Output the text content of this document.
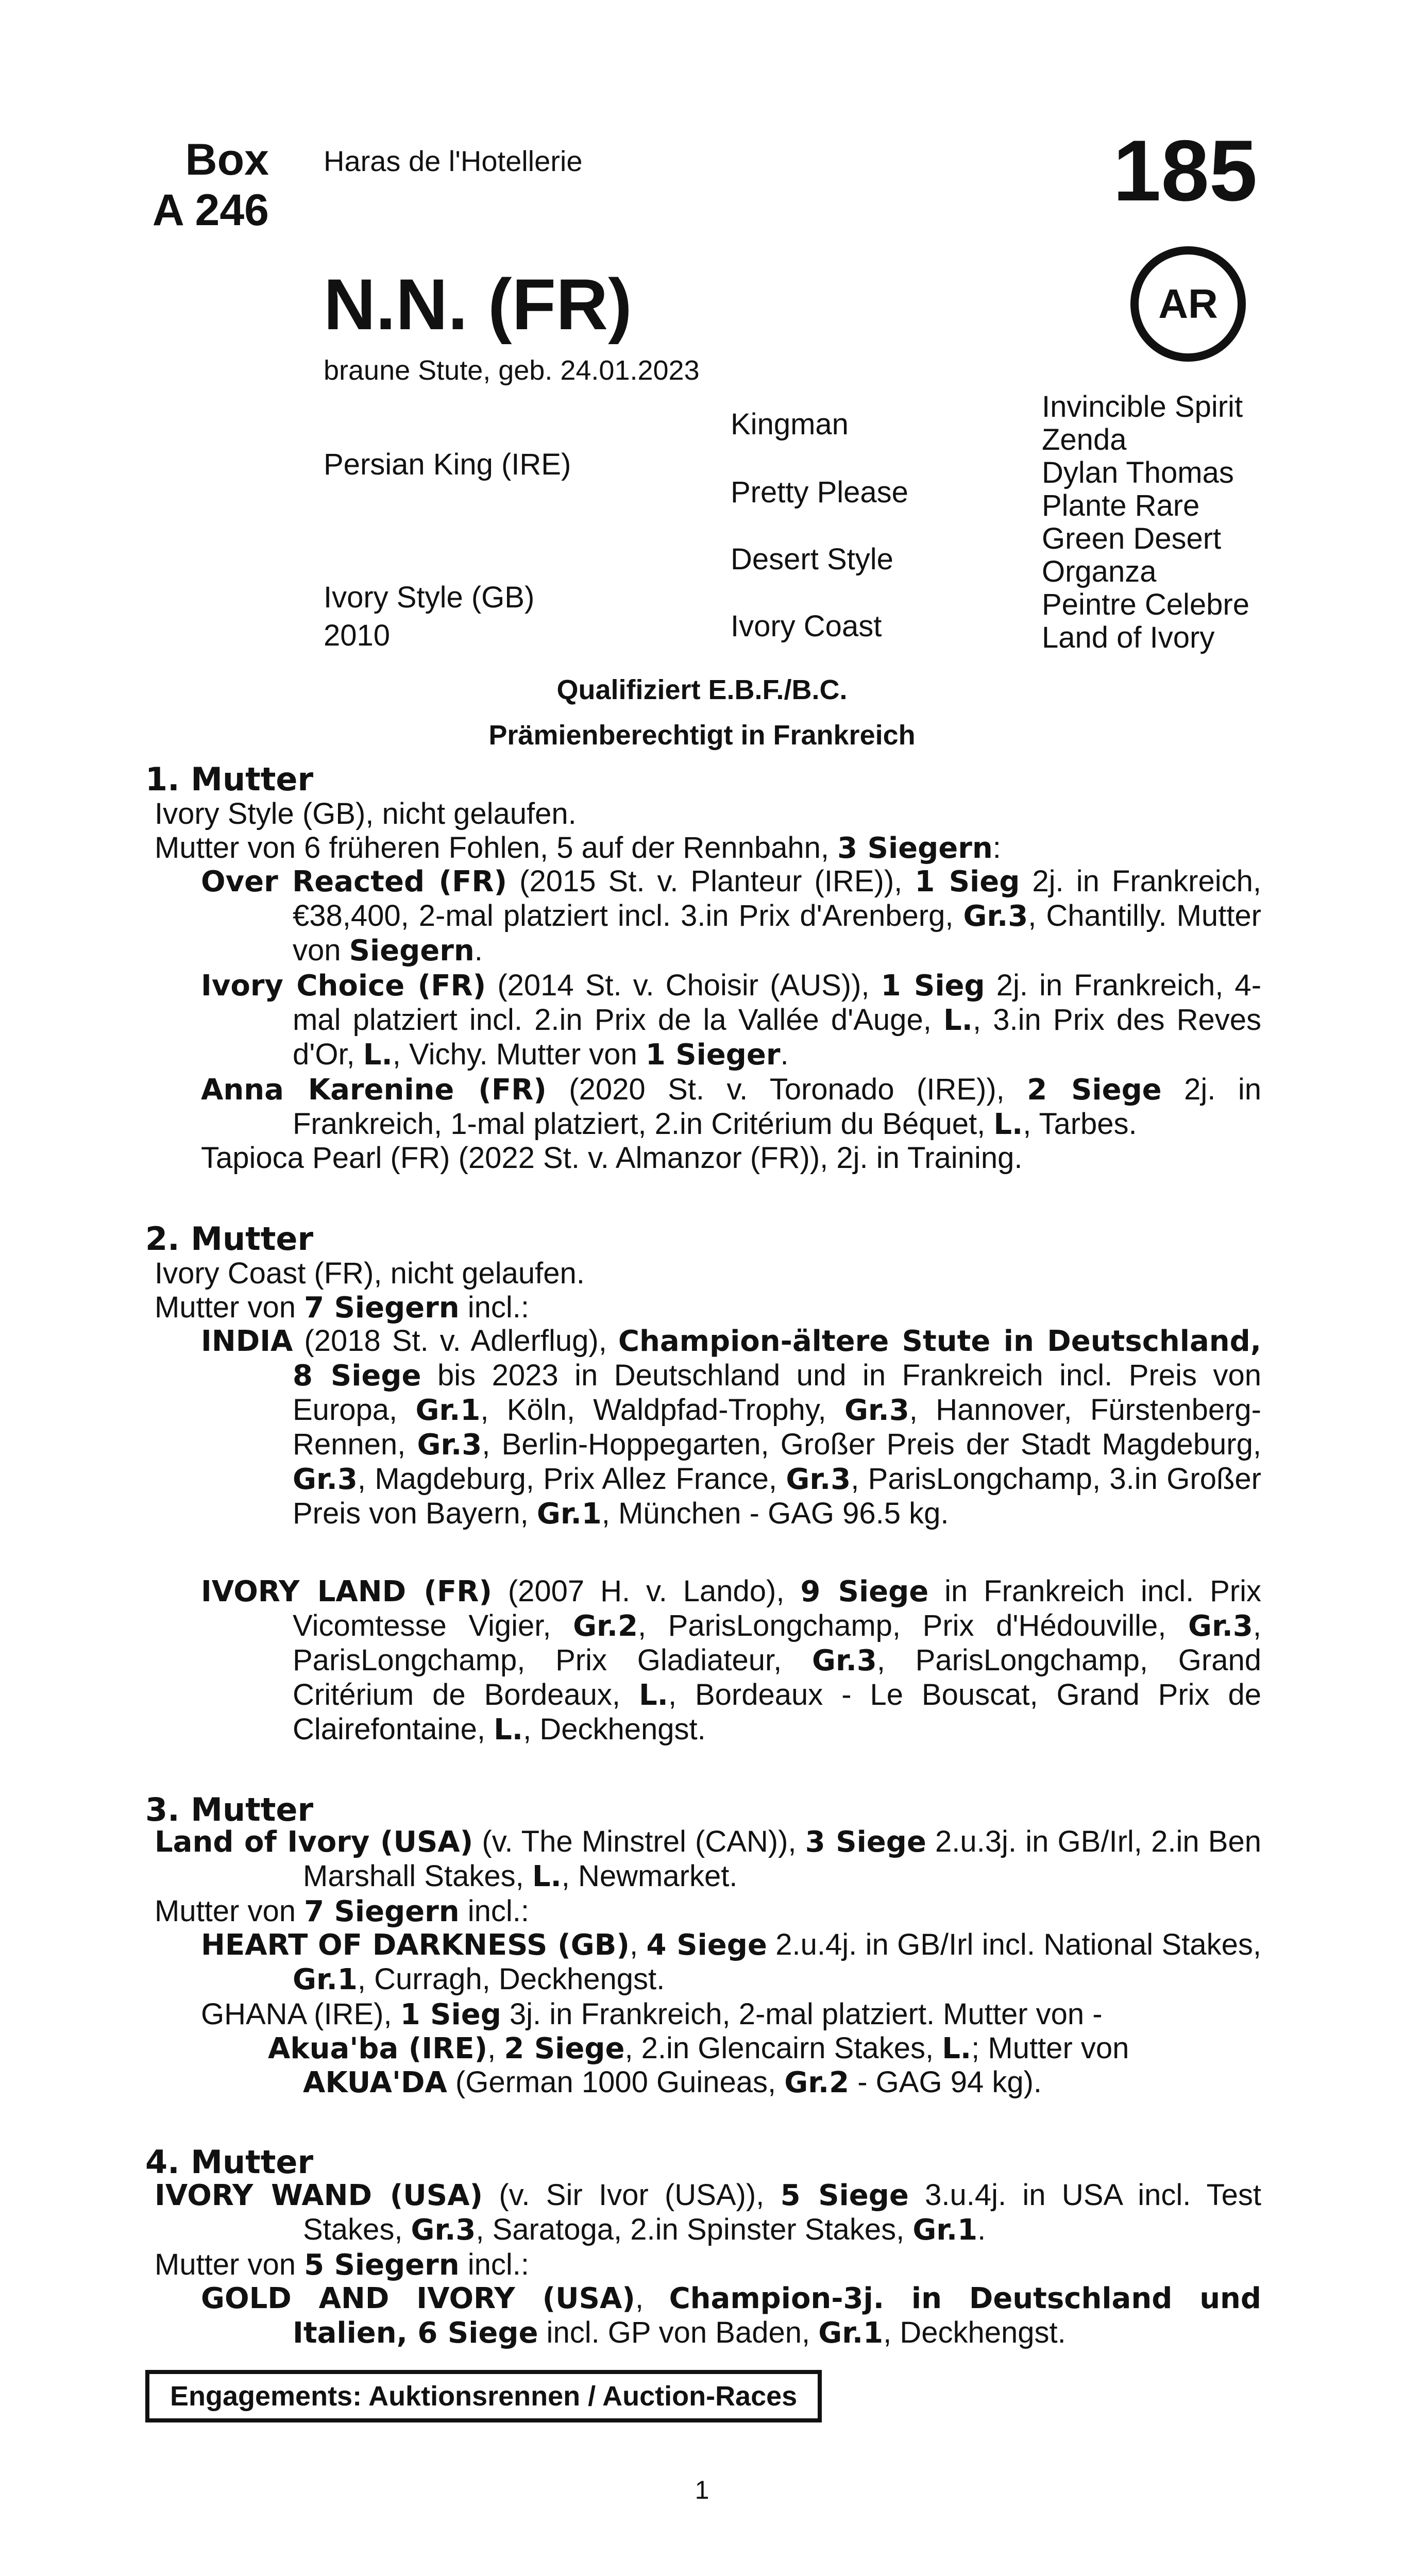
Box
A 246
Haras de l'Hotellerie	185
AR
N.N. (FR)
braune Stute, geb. 24.01.2023
Persian King (IRE)
Ivory Style (GB)
2010
Kingman
Pretty Please
Desert Style
Ivory Coast
Invincible Spirit
Zenda
Dylan Thomas
Plante Rare
Green Desert
Organza
Peintre Celebre
Land of Ivory
Qualifiziert E.B.F./B.C.
Prämienberechtigt in Frankreich
1. Mutter
Ivory Style (GB), nicht gelaufen.
Mutter von 6 früheren Fohlen, 5 auf der Rennbahn, 3 Siegern:
Over Reacted (FR) (2015 St. v. Planteur (IRE)), 1 Sieg 2j. in Frankreich, €38,400, 2-mal platziert incl. 3.in Prix d'Arenberg, Gr.3, Chantilly. Mutter von Siegern.
Ivory Choice (FR) (2014 St. v. Choisir (AUS)), 1 Sieg 2j. in Frankreich, 4-mal platziert incl. 2.in Prix de la Vallée d'Auge, L., 3.in Prix des Reves d'Or, L., Vichy. Mutter von 1 Sieger.
Anna Karenine (FR) (2020 St. v. Toronado (IRE)), 2 Siege 2j. in Frankreich, 1-mal platziert, 2.in Critérium du Béquet, L., Tarbes.
Tapioca Pearl (FR) (2022 St. v. Almanzor (FR)), 2j. in Training.
2. Mutter
Ivory Coast (FR), nicht gelaufen.
Mutter von 7 Siegern incl.:
INDIA (2018 St. v. Adlerflug), Champion-ältere Stute in Deutschland, 8 Siege bis 2023 in Deutschland und in Frankreich incl. Preis von Europa, Gr.1, Köln, Waldpfad-Trophy, Gr.3, Hannover, Fürstenberg-Rennen, Gr.3, Berlin-Hoppegarten, Großer Preis der Stadt Magdeburg, Gr.3, Magdeburg, Prix Allez France, Gr.3, ParisLongchamp, 3.in Großer Preis von Bayern, Gr.1, München - GAG 96.5 kg.
IVORY LAND (FR) (2007 H. v. Lando), 9 Siege in Frankreich incl. Prix Vicomtesse Vigier, Gr.2, ParisLongchamp, Prix d'Hédouville, Gr.3, ParisLongchamp, Prix Gladiateur, Gr.3, ParisLongchamp, Grand Critérium de Bordeaux, L., Bordeaux - Le Bouscat, Grand Prix de Clairefontaine, L., Deckhengst.
3. Mutter
Land of Ivory (USA) (v. The Minstrel (CAN)), 3 Siege 2.u.3j. in GB/Irl, 2.in Ben Marshall Stakes, L., Newmarket.
Mutter von 7 Siegern incl.:
HEART OF DARKNESS (GB), 4 Siege 2.u.4j. in GB/Irl incl. National Stakes, Gr.1, Curragh, Deckhengst.
GHANA (IRE), 1 Sieg 3j. in Frankreich, 2-mal platziert. Mutter von -
Akua'ba (IRE), 2 Siege, 2.in Glencairn Stakes, L.; Mutter von
AKUA'DA (German 1000 Guineas, Gr.2 - GAG 94 kg).
4. Mutter
IVORY WAND (USA) (v. Sir Ivor (USA)), 5 Siege 3.u.4j. in USA incl. Test Stakes, Gr.3, Saratoga, 2.in Spinster Stakes, Gr.1.
Mutter von 5 Siegern incl.:
GOLD AND IVORY (USA), Champion-3j. in Deutschland und Italien, 6 Siege incl. GP von Baden, Gr.1, Deckhengst.
Engagements: Auktionsrennen / Auction-Races
1
